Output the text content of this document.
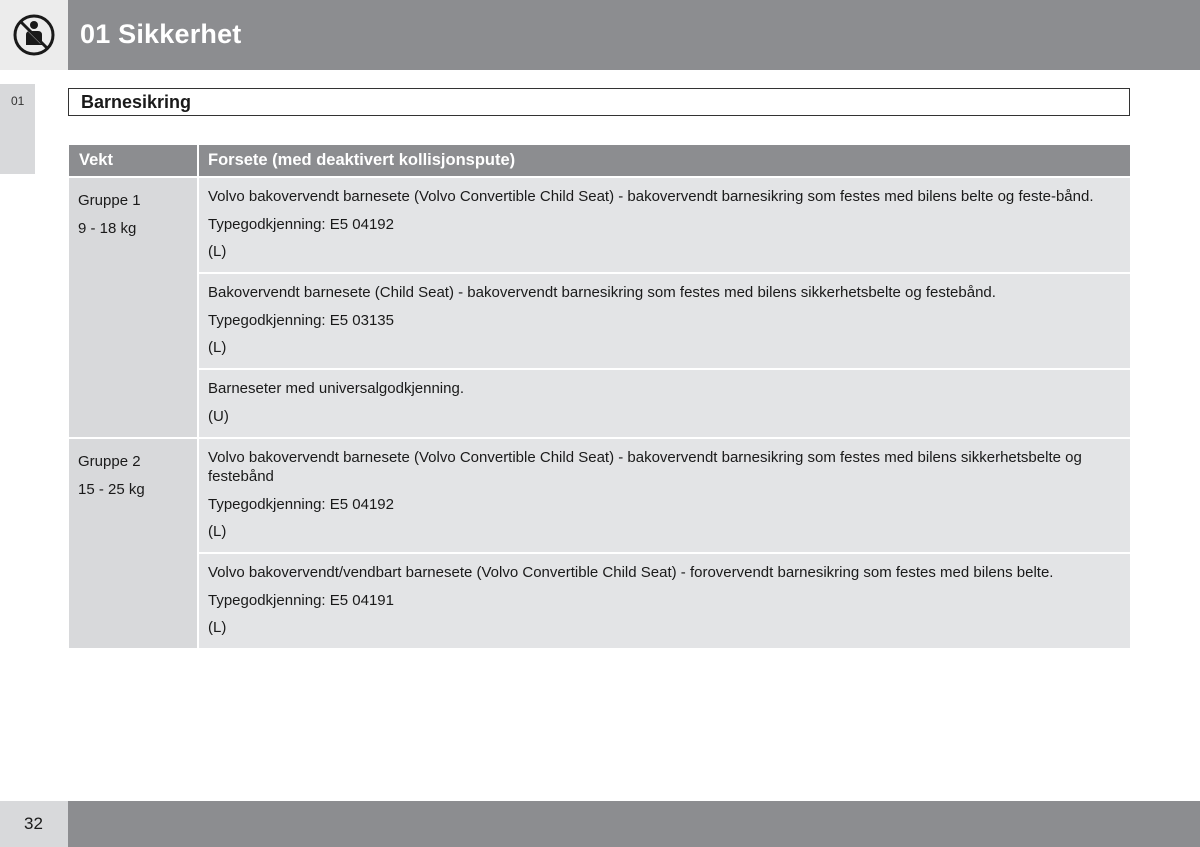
01 Sikkerhet
01	Barnesikring
Vekt	Forsete (med deaktivert kollisjonspute)
Gruppe 1
9 - 18 kg

Volvo bakovervendt barnesete (Volvo Convertible Child Seat) - bakovervendt barnesikring som festes med bilens belte og feste-bånd.

Typegodkjenning: E5 04192

(L)

Bakovervendt barnesete (Child Seat) - bakovervendt barnesikring som festes med bilens sikkerhetsbelte og festebånd.

Typegodkjenning: E5 03135

(L)

Barneseter med universalgodkjenning.

(U)

Gruppe 2
15 - 25 kg

Volvo bakovervendt barnesete (Volvo Convertible Child Seat) - bakovervendt barnesikring som festes med bilens sikkerhetsbelte og festebånd

Typegodkjenning: E5 04192

(L)

Volvo bakovervendt/vendbart barnesete (Volvo Convertible Child Seat) - forovervendt barnesikring som festes med bilens belte.

Typegodkjenning: E5 04191

(L)

32
